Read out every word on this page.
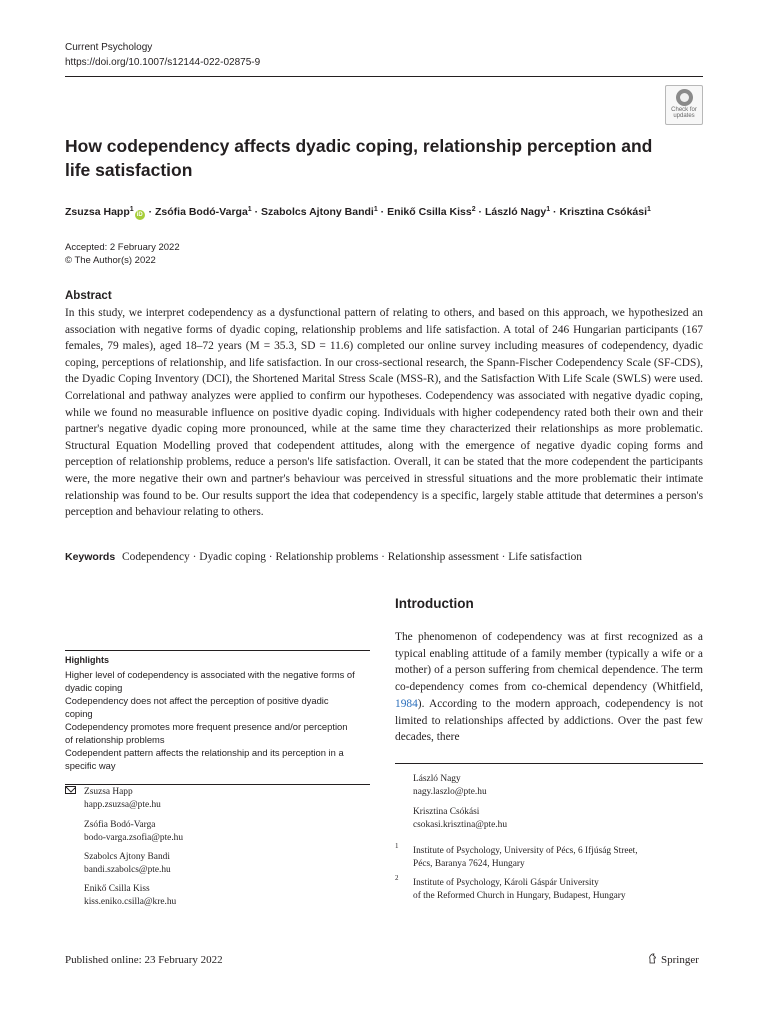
Current Psychology
https://doi.org/10.1007/s12144-022-02875-9
Check for
updates
How codependency affects dyadic coping, relationship perception and life satisfaction
Zsuzsa Happ$^1$iD · Zsófia Bodó-Varga$^1$ · Szabolcs Ajtony Bandi$^1$ · Enikő Csilla Kiss$^2$ · László Nagy$^1$ · Krisztina Csókási$^1$
Accepted: 2 February 2022
© The Author(s) 2022
Abstract
In this study, we interpret codependency as a dysfunctional pattern of relating to others, and based on this approach, we hypothesized an association with negative forms of dyadic coping, relationship problems and life satisfaction. A total of 246 Hungarian participants (167 females, 79 males), aged 18–72 years (M = 35.3, SD = 11.6) completed our online survey including measures of codependency, dyadic coping, perceptions of relationship, and life satisfaction. In our cross-sectional research, the Spann-Fischer Codependency Scale (SF-CDS), the Dyadic Coping Inventory (DCI), the Shortened Marital Stress Scale (MSS-R), and the Satisfaction With Life Scale (SWLS) were used. Correlational and pathway analyzes were applied to confirm our hypotheses. Codependency was associated with negative dyadic coping, while we found no measurable influence on positive dyadic coping. Individuals with higher codependency rated both their own and their partner's negative dyadic coping more pronounced, while at the same time they characterized their relationships as more problematic. Structural Equation Modelling proved that codependent attitudes, along with the emergence of negative dyadic coping forms and perception of relationship problems, reduce a person's life satisfaction. Overall, it can be stated that the more codependent the participants were, the more negative their own and partner's behaviour was perceived in stressful situations and the more problematic their intimate relationship was found to be. Our results support the idea that codependency is a specific, largely stable attitude that determines a person's perception and behaviour relating to others.
Keywords Codependency · Dyadic coping · Relationship problems · Relationship assessment · Life satisfaction
Introduction
The phenomenon of codependency was at first recognized as a typical enabling attitude of a family member (typically a wife or a mother) of a person suffering from chemical dependence. The term co-dependency comes from co-chemical dependency (Whitfield, 1984). According to the modern approach, codependency is not limited to relationships affected by addictions. Over the past few decades, there
Highlights

Higher level of codependency is associated with the negative forms of dyadic coping

Codependency does not affect the perception of positive dyadic coping

Codependency promotes more frequent presence and/or perception of relationship problems

Codependent pattern affects the relationship and its perception in a specific way

Zsuzsa Happ
happ.zsuzsa@pte.hu
Zsófia Bodó-Varga
bodo-varga.zsofia@pte.hu
Szabolcs Ajtony Bandi
bandi.szabolcs@pte.hu
Enikő Csilla Kiss
kiss.eniko.csilla@kre.hu
László Nagy
nagy.laszlo@pte.hu
Krisztina Csókási
csokasi.krisztina@pte.hu
1 Institute of Psychology, University of Pécs, 6 Ifjúság Street,
Pécs, Baranya 7624, Hungary
2 Institute of Psychology, Károli Gáspár University
of the Reformed Church in Hungary, Budapest, Hungary
Published online: 23 February 2022	Springer
